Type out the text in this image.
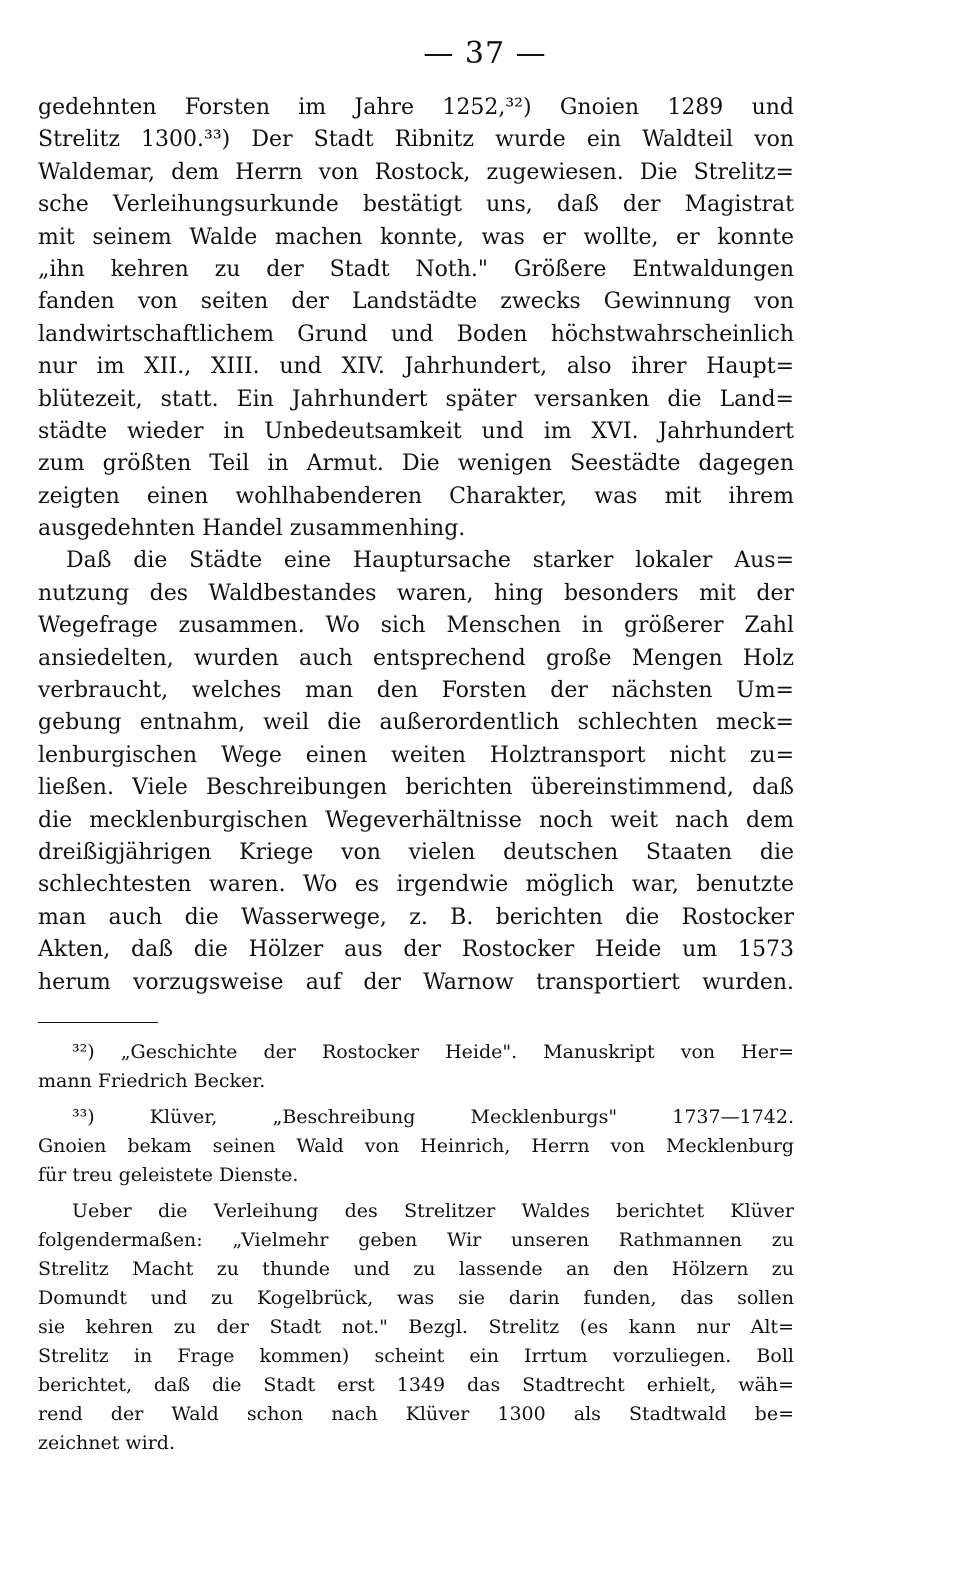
— 37 —
gedehnten Forsten im Jahre 1252,³²) Gnoien 1289 und
Strelitz 1300.³³) Der Stadt Ribnitz wurde ein Waldteil von
Waldemar, dem Herrn von Rostock, zugewiesen. Die Strelitz=
sche Verleihungsurkunde bestätigt uns, daß der Magistrat
mit seinem Walde machen konnte, was er wollte, er konnte
„ihn kehren zu der Stadt Noth." Größere Entwaldungen
fanden von seiten der Landstädte zwecks Gewinnung von
landwirtschaftlichem Grund und Boden höchstwahrscheinlich
nur im XII., XIII. und XIV. Jahrhundert, also ihrer Haupt=
blütezeit, statt. Ein Jahrhundert später versanken die Land=
städte wieder in Unbedeutsamkeit und im XVI. Jahrhundert
zum größten Teil in Armut. Die wenigen Seestädte dagegen
zeigten einen wohlhabenderen Charakter, was mit ihrem
ausgedehnten Handel zusammenhing.
Daß die Städte eine Hauptursache starker lokaler Aus=
nutzung des Waldbestandes waren, hing besonders mit der
Wegefrage zusammen. Wo sich Menschen in größerer Zahl
ansiedelten, wurden auch entsprechend große Mengen Holz
verbraucht, welches man den Forsten der nächsten Um=
gebung entnahm, weil die außerordentlich schlechten meck=
lenburgischen Wege einen weiten Holztransport nicht zu=
ließen. Viele Beschreibungen berichten übereinstimmend, daß
die mecklenburgischen Wegeverhältnisse noch weit nach dem
dreißigjährigen Kriege von vielen deutschen Staaten die
schlechtesten waren. Wo es irgendwie möglich war, benutzte
man auch die Wasserwege, z. B. berichten die Rostocker
Akten, daß die Hölzer aus der Rostocker Heide um 1573
herum vorzugsweise auf der Warnow transportiert wurden.
³²) „Geschichte der Rostocker Heide". Manuskript von Her=
mann Friedrich Becker.
³³) Klüver, „Beschreibung Mecklenburgs" 1737—1742.
Gnoien bekam seinen Wald von Heinrich, Herrn von Mecklenburg
für treu geleistete Dienste.
Ueber die Verleihung des Strelitzer Waldes berichtet Klüver
folgendermaßen: „Vielmehr geben Wir unseren Rathmannen zu
Strelitz Macht zu thunde und zu lassende an den Hölzern zu
Domundt und zu Kogelbrück, was sie darin funden, das sollen
sie kehren zu der Stadt not." Bezgl. Strelitz (es kann nur Alt=
Strelitz in Frage kommen) scheint ein Irrtum vorzuliegen. Boll
berichtet, daß die Stadt erst 1349 das Stadtrecht erhielt, wäh=
rend der Wald schon nach Klüver 1300 als Stadtwald be=
zeichnet wird.
